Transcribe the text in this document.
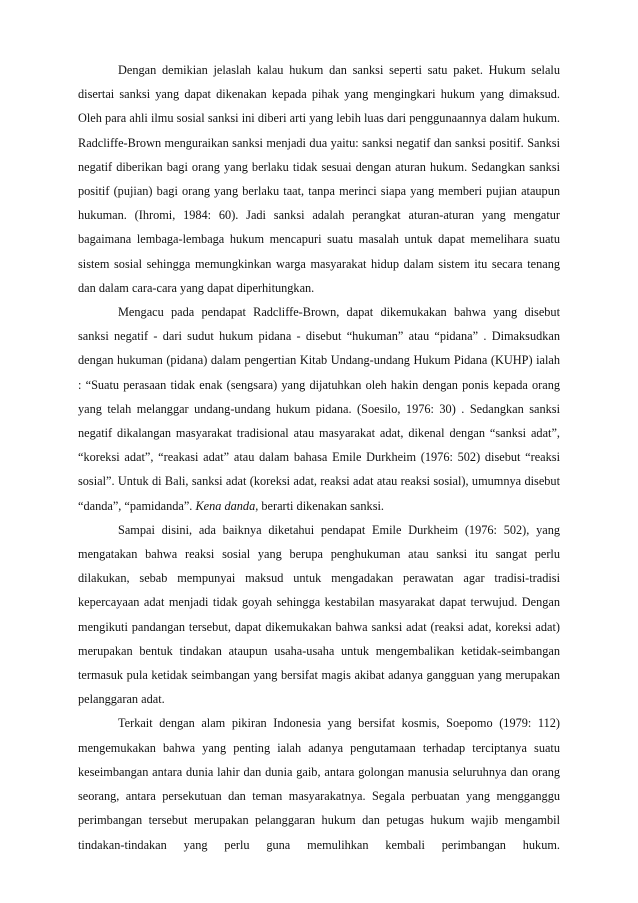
Dengan demikian jelaslah kalau hukum dan sanksi seperti satu paket. Hukum selalu disertai sanksi yang dapat dikenakan kepada pihak yang mengingkari hukum yang dimaksud. Oleh para ahli ilmu sosial sanksi ini diberi arti yang lebih luas dari penggunaannya dalam hukum. Radcliffe-Brown menguraikan sanksi menjadi dua yaitu: sanksi negatif dan sanksi positif. Sanksi negatif diberikan bagi orang yang berlaku tidak sesuai dengan aturan hukum. Sedangkan sanksi positif (pujian) bagi orang yang berlaku taat, tanpa merinci siapa yang memberi pujian ataupun hukuman. (Ihromi, 1984: 60). Jadi sanksi adalah perangkat aturan-aturan yang mengatur bagaimana lembaga-lembaga hukum mencapuri suatu masalah untuk dapat memelihara suatu sistem sosial sehingga memungkinkan warga masyarakat hidup dalam sistem itu secara tenang dan dalam cara-cara yang dapat diperhitungkan.

Mengacu pada pendapat Radcliffe-Brown, dapat dikemukakan bahwa yang disebut sanksi negatif - dari sudut hukum pidana - disebut “hukuman” atau “pidana” . Dimaksudkan dengan hukuman (pidana) dalam pengertian Kitab Undang-undang Hukum Pidana (KUHP) ialah : “Suatu perasaan tidak enak (sengsara) yang dijatuhkan oleh hakin dengan ponis kepada orang yang telah melanggar undang-undang hukum pidana. (Soesilo, 1976: 30) . Sedangkan sanksi negatif dikalangan masyarakat tradisional atau masyarakat adat, dikenal dengan “sanksi adat”, “koreksi adat”, “reakasi adat” atau dalam bahasa Emile Durkheim (1976: 502) disebut “reaksi sosial”. Untuk di Bali, sanksi adat (koreksi adat, reaksi adat atau reaksi sosial), umumnya disebut “danda”, “pamidanda”. Kena danda, berarti dikenakan sanksi.

Sampai disini, ada baiknya diketahui pendapat Emile Durkheim (1976: 502), yang mengatakan bahwa reaksi sosial yang berupa penghukuman atau sanksi itu sangat perlu dilakukan, sebab mempunyai maksud untuk mengadakan perawatan agar tradisi-tradisi kepercayaan adat menjadi tidak goyah sehingga kestabilan masyarakat dapat terwujud. Dengan mengikuti pandangan tersebut, dapat dikemukakan bahwa sanksi adat (reaksi adat, koreksi adat) merupakan bentuk tindakan ataupun usaha-usaha untuk mengembalikan ketidak-seimbangan termasuk pula ketidak seimbangan yang bersifat magis akibat adanya gangguan yang merupakan pelanggaran adat.

Terkait dengan alam pikiran Indonesia yang bersifat kosmis, Soepomo (1979: 112) mengemukakan bahwa yang penting ialah adanya pengutamaan terhadap terciptanya suatu keseimbangan antara dunia lahir dan dunia gaib, antara golongan manusia seluruhnya dan orang seorang, antara persekutuan dan teman masyarakatnya. Segala perbuatan yang mengganggu perimbangan tersebut merupakan pelanggaran hukum dan petugas hukum wajib mengambil tindakan-tindakan yang perlu guna memulihkan kembali perimbangan hukum.
